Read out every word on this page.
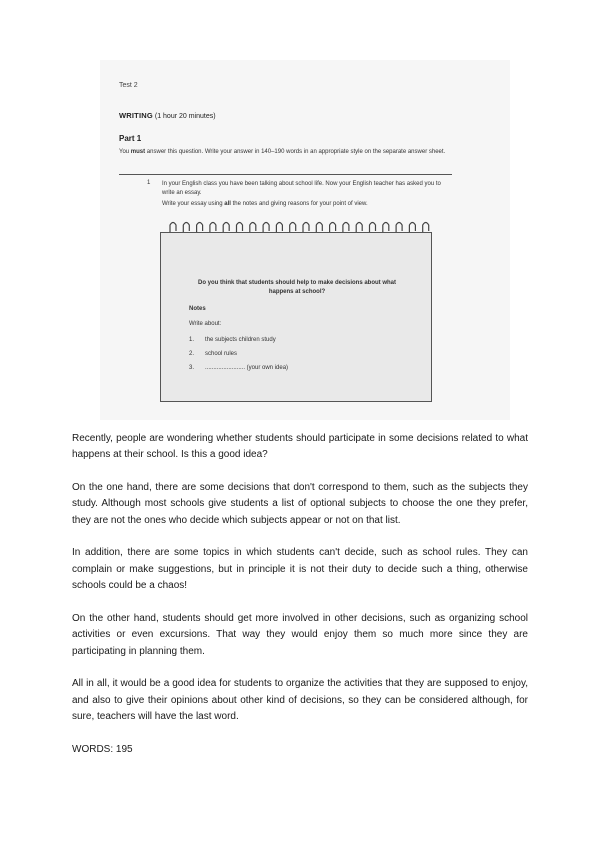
Test 2
WRITING (1 hour 20 minutes)
Part 1
You must answer this question. Write your answer in 140–190 words in an appropriate style on the separate answer sheet.
1 In your English class you have been talking about school life. Now your English teacher has asked you to write an essay.
Write your essay using all the notes and giving reasons for your point of view.
Do you think that students should help to make decisions about what happens at school?
Notes
Write about:
1. the subjects children study
2. school rules
3. ........................ (your own idea)

Recently, people are wondering whether students should participate in some decisions related to what happens at their school. Is this a good idea?

On the one hand, there are some decisions that don't correspond to them, such as the subjects they study. Although most schools give students a list of optional subjects to choose the one they prefer, they are not the ones who decide which subjects appear or not on that list.

In addition, there are some topics in which students can't decide, such as school rules. They can complain or make suggestions, but in principle it is not their duty to decide such a thing, otherwise schools could be a chaos!

On the other hand, students should get more involved in other decisions, such as organizing school activities or even excursions. That way they would enjoy them so much more since they are participating in planning them.

All in all, it would be a good idea for students to organize the activities that they are supposed to enjoy, and also to give their opinions about other kind of decisions, so they can be considered although, for sure, teachers will have the last word.

WORDS: 195
